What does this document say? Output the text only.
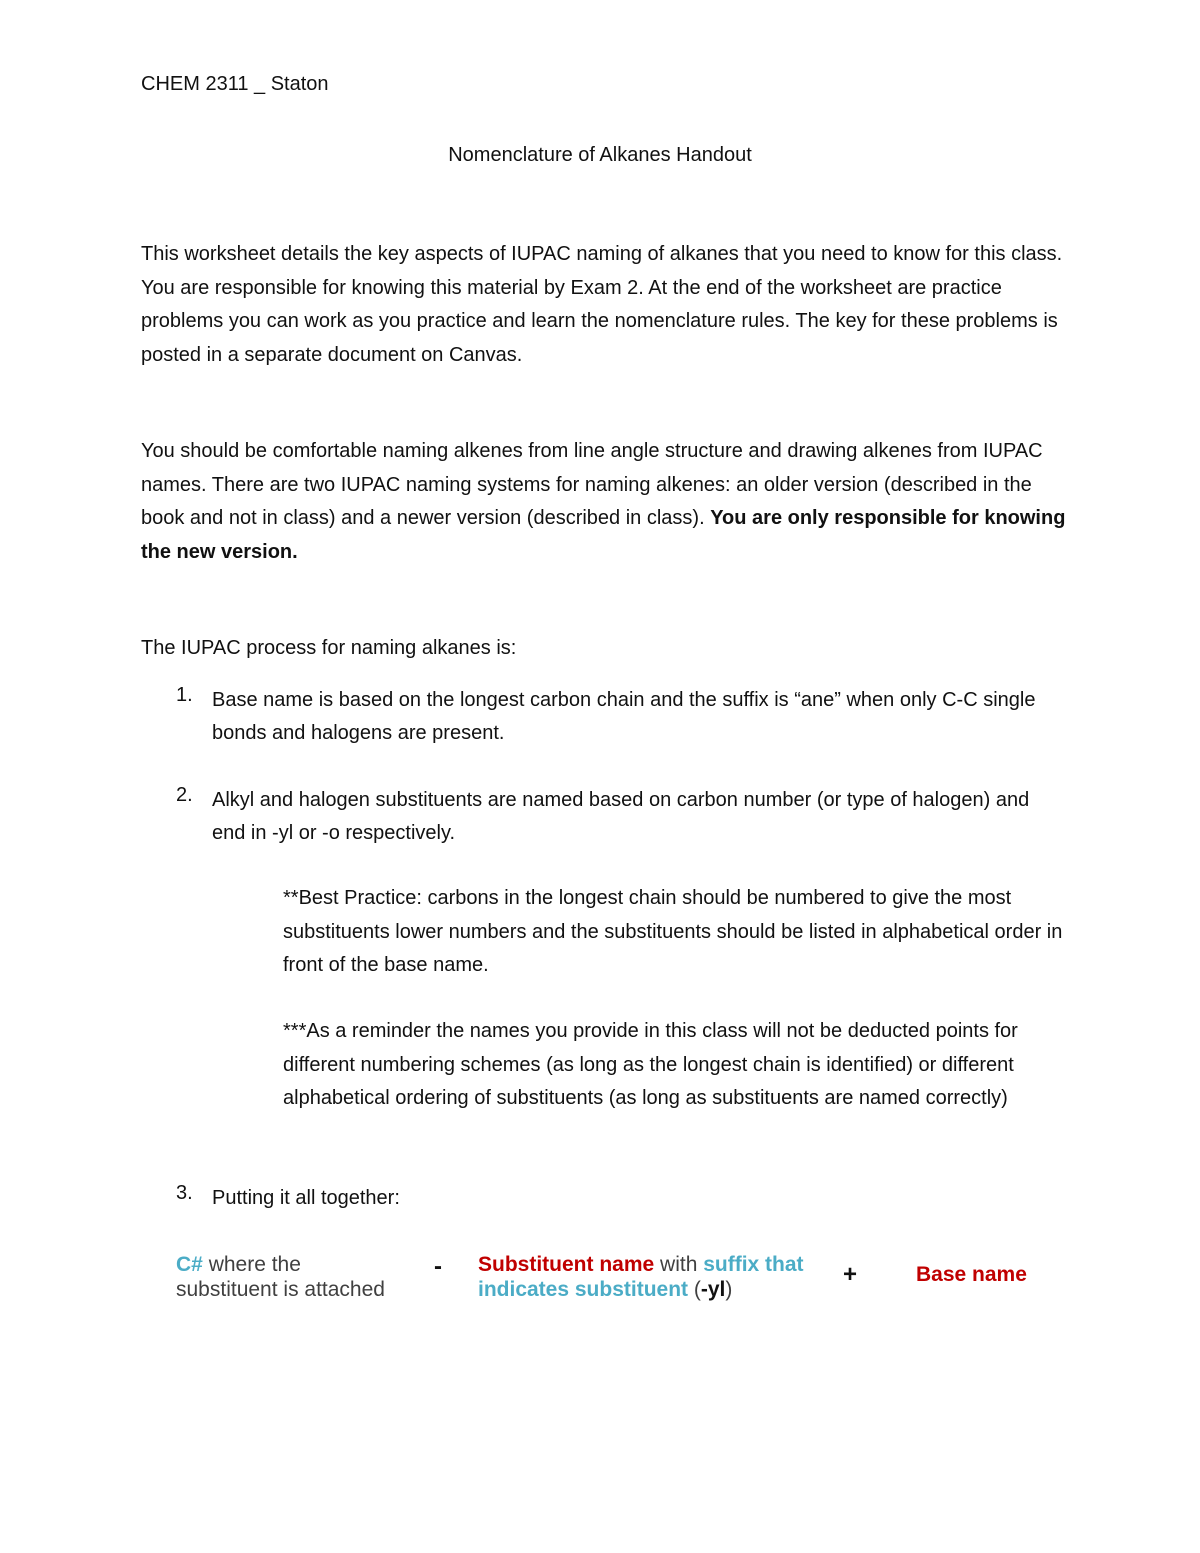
CHEM 2311 _ Staton
Nomenclature of Alkanes Handout

This worksheet details the key aspects of IUPAC naming of alkanes that you need to know for this class. You are responsible for knowing this material by Exam 2. At the end of the worksheet are practice problems you can work as you practice and learn the nomenclature rules. The key for these problems is posted in a separate document on Canvas.

You should be comfortable naming alkenes from line angle structure and drawing alkenes from IUPAC names. There are two IUPAC naming systems for naming alkenes: an older version (described in the book and not in class) and a newer version (described in class). You are only responsible for knowing the new version.

The IUPAC process for naming alkanes is:
1. Base name is based on the longest carbon chain and the suffix is “ane” when only C-C single bonds and halogens are present.
2. Alkyl and halogen substituents are named based on carbon number (or type of halogen) and end in -yl or -o respectively.
**Best Practice: carbons in the longest chain should be numbered to give the most substituents lower numbers and the substituents should be listed in alphabetical order in front of the base name.
***As a reminder the names you provide in this class will not be deducted points for different numbering schemes (as long as the longest chain is identified) or different alphabetical ordering of substituents (as long as substituents are named correctly)
3. Putting it all together:
C# where the
substituent is attached
- Substituent name with suffix that
indicates substituent (-yl)
+	Base name
